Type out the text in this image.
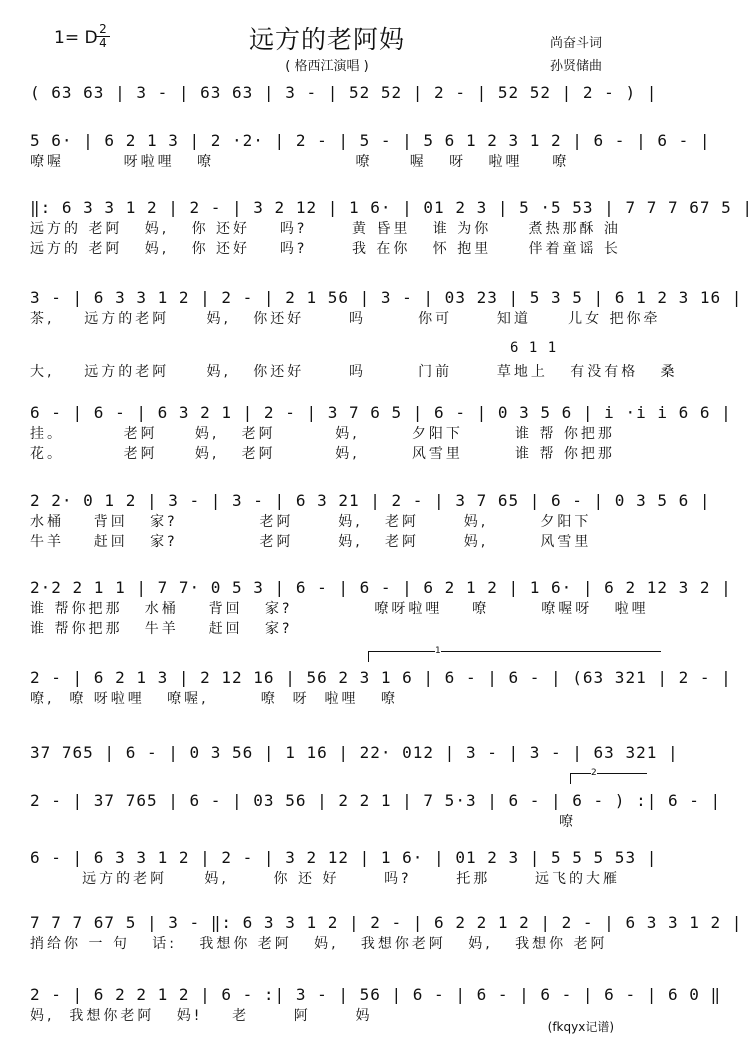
1= D 2
4	远方的老阿妈
( 格西江演唱 )
尚奋斗词
孙贤储曲
( 63 63 | 3 - | 63 63 | 3 - | 52 52 | 2 - | 52 52 | 2 - ) |
5 6· | 6 2 1 3 | 2 ·2· | 2 - | 5 - | 5 6 1 2 3 1 2 | 6 - | 6 - |
嘹喔        呀啦哩   嘹                   嘹     喔   呀   啦哩    嘹
‖: 6 3 3 1 2 | 2 - | 3 2 12 | 1 6· | 01 2 3 | 5 ·5 53 | 7 7 7 67 5 |
远方的 老阿   妈,   你 还好    吗?      黄 昏里   谁 为你     煮热那酥 油
远方的 老阿   妈,   你 还好    吗?      我 在你   怀 抱里     伴着童谣 长
3 - | 6 3 3 1 2 | 2 - | 2 1 56 | 3 - | 03 23 | 5 3 5 | 6 1 2 3 16 |
茶,    远方的老阿     妈,   你还好      吗       你可      知道     儿女 把你牵
6 1 1
大,    远方的老阿     妈,   你还好      吗       门前      草地上   有没有格   桑
6 - | 6 - | 6 3 2 1 | 2 - | 3 7 6 5 | 6 - | 0 3 5 6 | i ·i i 6 6 |
挂。        老阿     妈,   老阿        妈,       夕阳下       谁 帮 你把那
花。        老阿     妈,   老阿        妈,       风雪里       谁 帮 你把那
2 2· 0 1 2 | 3 - | 3 - | 6 3 21 | 2 - | 3 7 65 | 6 - | 0 3 5 6 |
水桶    背回   家?           老阿      妈,   老阿      妈,       夕阳下
牛羊    赶回   家?           老阿      妈,   老阿      妈,       风雪里
2·2 2 1 1 | 7 7· 0 5 3 | 6 - | 6 - | 6 2 1 2 | 1 6· | 6 2 12 3 2 |
谁 帮你把那   水桶    背回   家?           嘹呀啦哩    嘹       嘹喔呀   啦哩
谁 帮你把那   牛羊    赶回   家?
2 - | 6 2 1 3 | 2 12 16 | 56 2 3 1 6 | 6 - | 6 - | (63 321 | 2 - |
嘹,  嘹 呀啦哩   嘹喔,       嘹  呀  啦哩   嘹
37 765 | 6 - | 0 3 56 | 1 16 | 22· 012 | 3 - | 3 - | 63 321 |
2 - | 37 765 | 6 - | 03 56 | 2 2 1 | 7 5·3 | 6 - | 6 - ) :| 6 - |
嘹
6 - | 6 3 3 1 2 | 2 - | 3 2 12 | 1 6· | 01 2 3 | 5 5 5 53 |
远方的老阿     妈,      你 还 好      吗?      托那      远飞的大雁
7 7 7 67 5 | 3 - ‖: 6 3 3 1 2 | 2 - | 6 2 2 1 2 | 2 - | 6 3 3 1 2 |
捎给你 一 句   话:   我想你 老阿   妈,   我想你老阿   妈,   我想你 老阿
2 - | 6 2 2 1 2 | 6 - :| 3 - | 56 | 6 - | 6 - | 6 - | 6 - | 6 0 ‖
妈,  我想你老阿   妈!    老      阿      妈
1
2
(fkqyx记谱)
